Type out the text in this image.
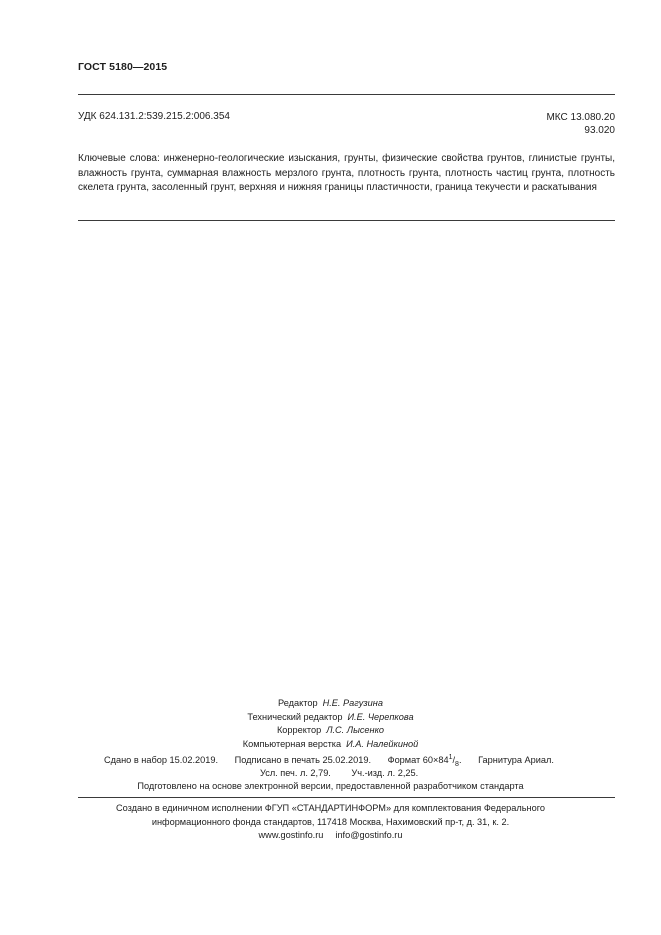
ГОСТ 5180—2015
УДК 624.131.2:539.215.2:006.354	МКС 13.080.20
93.020
Ключевые слова: инженерно-геологические изыскания, грунты, физические свойства грунтов, глинистые грунты, влажность грунта, суммарная влажность мерзлого грунта, плотность грунта, плотность частиц грунта, плотность скелета грунта, засоленный грунт, верхняя и нижняя границы пластичности, граница текучести и раскатывания
Редактор Н.Е. Рагузина
Технический редактор И.Е. Черепкова
Корректор Л.С. Лысенко
Компьютерная верстка И.А. Налейкиной
Сдано в набор 15.02.2019. Подписано в печать 25.02.2019. Формат $60\times 84^1/_8$. Гарнитура Ариал.
Усл. печ. л. 2,79. Уч.-изд. л. 2,25.
Подготовлено на основе электронной версии, предоставленной разработчиком стандарта
Создано в единичном исполнении ФГУП «СТАНДАРТИНФОРМ» для комплектования Федерального
информационного фонда стандартов, 117418 Москва, Нахимовский пр-т, д. 31, к. 2.
www.gostinfo.ru info@gostinfo.ru
